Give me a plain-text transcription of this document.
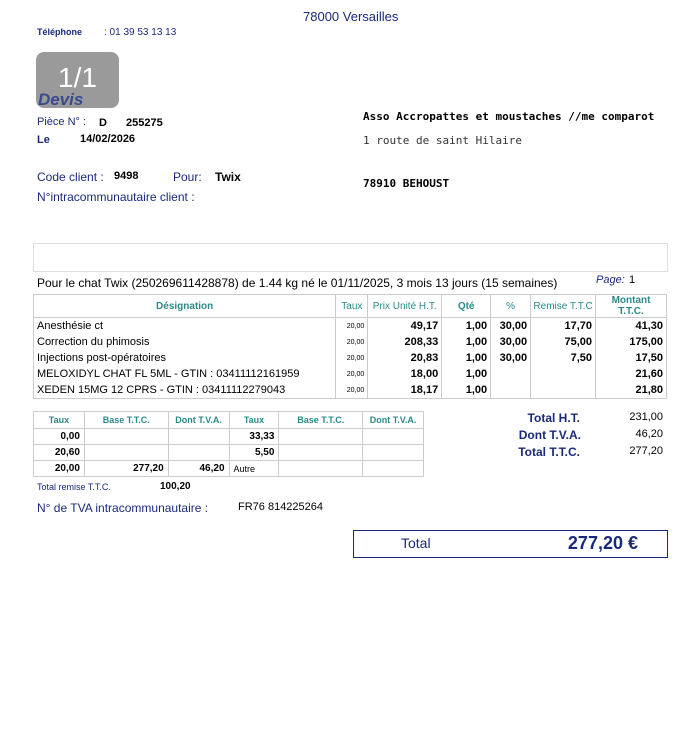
78000 Versailles
Téléphone : 01 39 53 13 13
1/1
Devis
Pièce N° : D 255275
Le	14/02/2026
Asso Accropattes et moustaches //me comparot
1 route de saint Hilaire
78910 BEHOUST
Code client : 9498	Pour: Twix
N°intracommunautaire client :
Pour le chat Twix (250269611428878) de 1.44 kg né le 01/11/2025, 3 mois 13 jours (15 semaines)	Page: 1
Désignation	Taux	Prix Unité H.T.	Qté	%	Remise T.T.C	Montant T.T.C.
Anesthésie ct	20,00	49,17	1,00	30,00	17,70	41,30
Correction du phimosis	20,00	208,33	1,00	30,00	75,00	175,00
Injections post-opératoires	20,00	20,83	1,00	30,00	7,50	17,50
MELOXIDYL CHAT FL 5ML - GTIN : 03411112161959	20,00	18,00	1,00			21,60
XEDEN 15MG 12 CPRS - GTIN : 03411112279043	20,00	18,17	1,00			21,80
Taux	Base T.T.C.	Dont T.V.A.	Taux	Base T.T.C.	Dont T.V.A.
0,00			33,33		
20,60			5,50		
20,00	277,20	46,20	Autre		
Total remise T.T.C.	100,20
N° de TVA intracommunautaire :	FR76 814225264
Total H.T.	231,00
Dont T.V.A.	46,20
Total T.T.C.	277,20
Total	277,20 €
